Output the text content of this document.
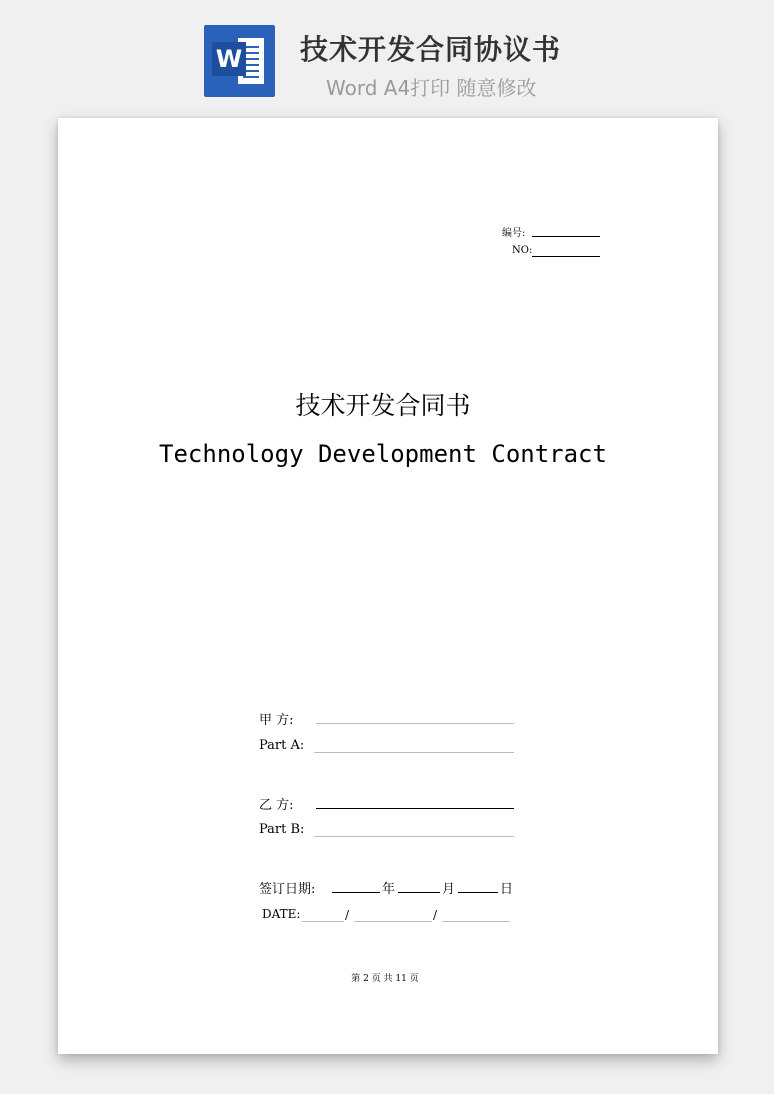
W 技术开发合同协议书
Word A4打印 随意修改
编号:
NO:
技术开发合同书
Technology Development Contract
甲 方:
Part A:
乙 方:
Part B:
签订日期:	年	月	日
DATE:	/	/
第 2 页 共 11 页
